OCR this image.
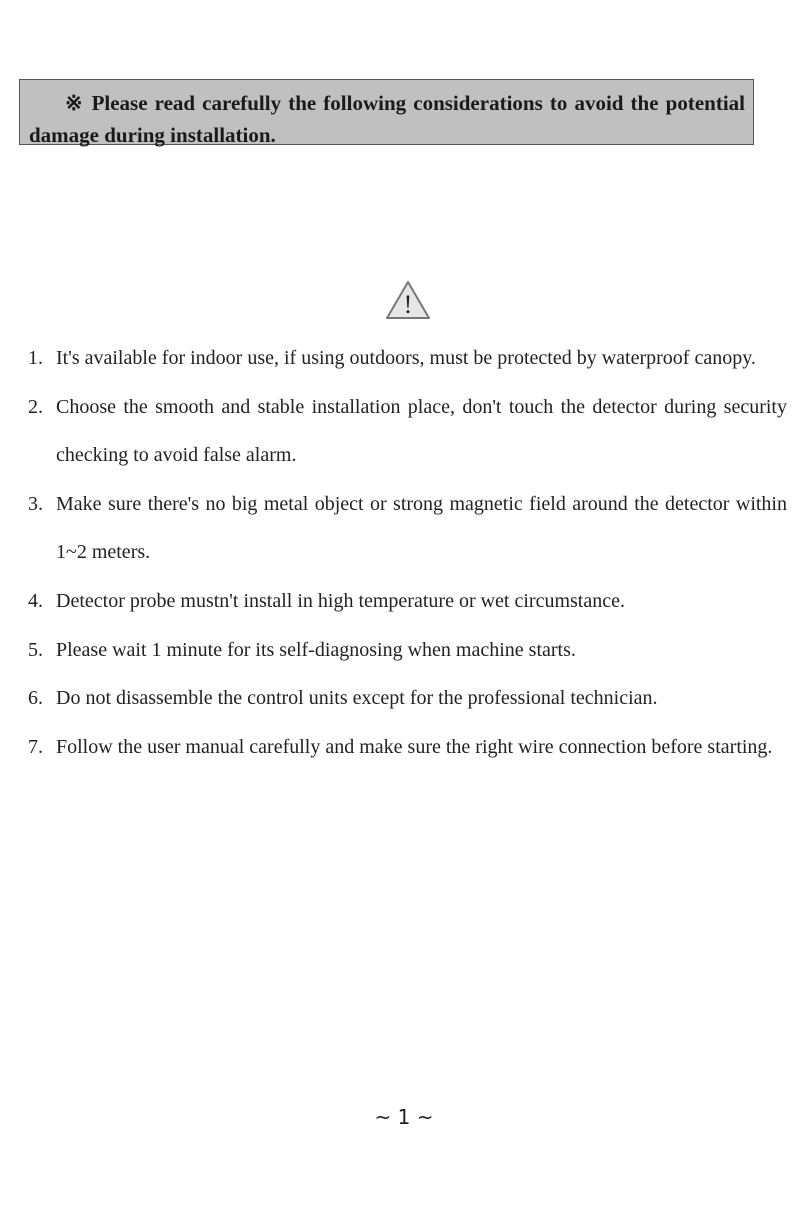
※ Please read carefully the following considerations to avoid the potential damage during installation.
!
1. It's available for indoor use, if using outdoors, must be protected by waterproof canopy.
2. Choose the smooth and stable installation place, don't touch the detector during security checking to avoid false alarm.
3. Make sure there's no big metal object or strong magnetic field around the detector within 1~2 meters.
4. Detector probe mustn't install in high temperature or wet circumstance.
5. Please wait 1 minute for its self-diagnosing when machine starts.
6. Do not disassemble the control units except for the professional technician.
7. Follow the user manual carefully and make sure the right wire connection before starting.
~ 1 ~
